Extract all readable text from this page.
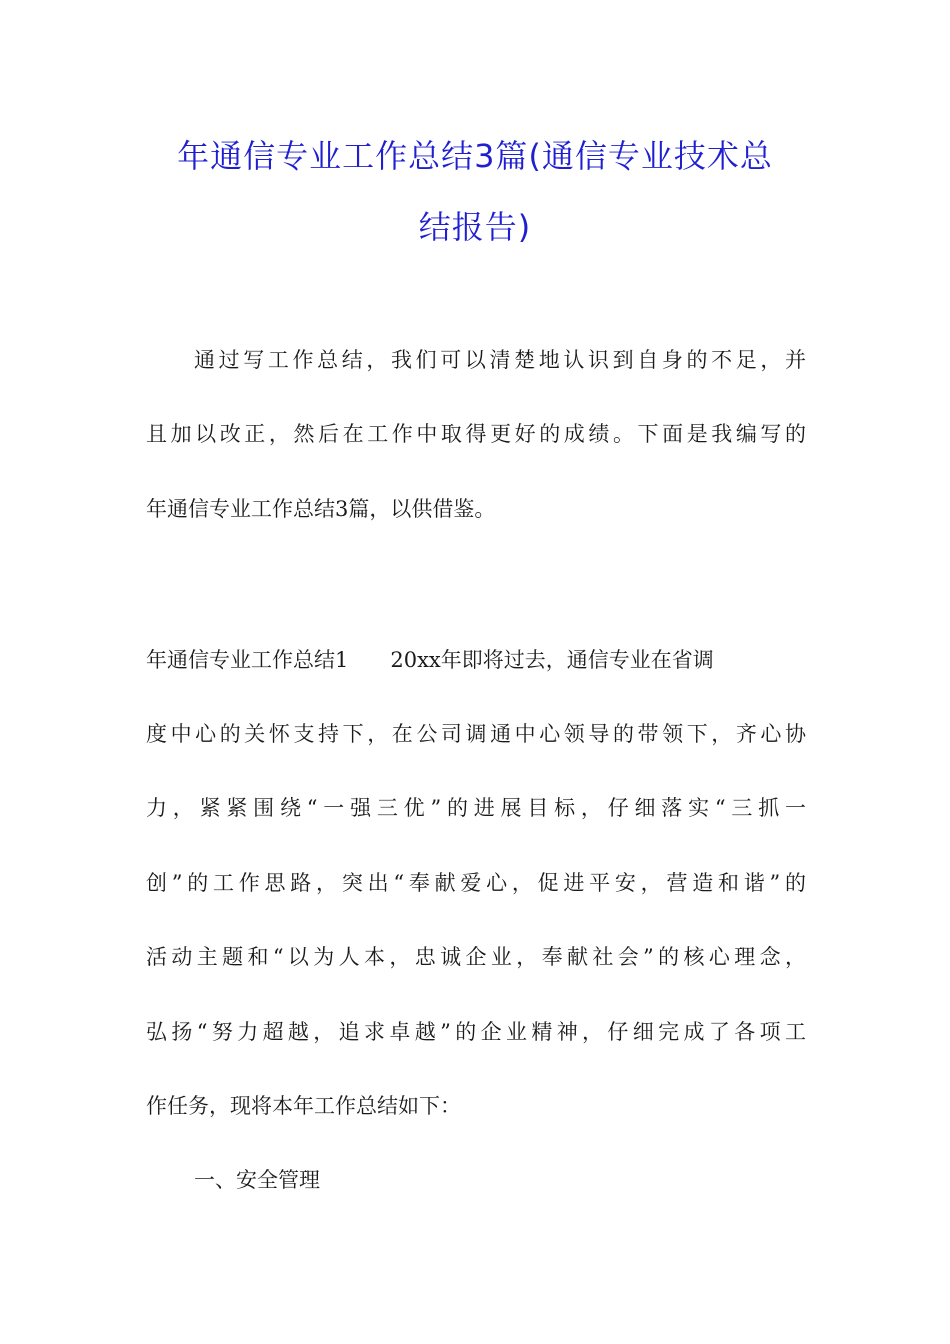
年通信专业工作总结3篇(通信专业技术总
结报告)
通过写工作总结，我们可以清楚地认识到自身的不足，并
且加以改正，然后在工作中取得更好的成绩。下面是我编写的
年通信专业工作总结3篇，以供借鉴。
年通信专业工作总结1　　20xx年即将过去，通信专业在省调
度中心的关怀支持下，在公司调通中心领导的带领下，齐心协
力，紧紧围绕“一强三优”的进展目标，仔细落实“三抓一
创”的工作思路，突出“奉献爱心，促进平安，营造和谐”的
活动主题和“以为人本，忠诚企业，奉献社会”的核心理念，
弘扬“努力超越，追求卓越”的企业精神，仔细完成了各项工
作任务，现将本年工作总结如下：
一、安全管理
